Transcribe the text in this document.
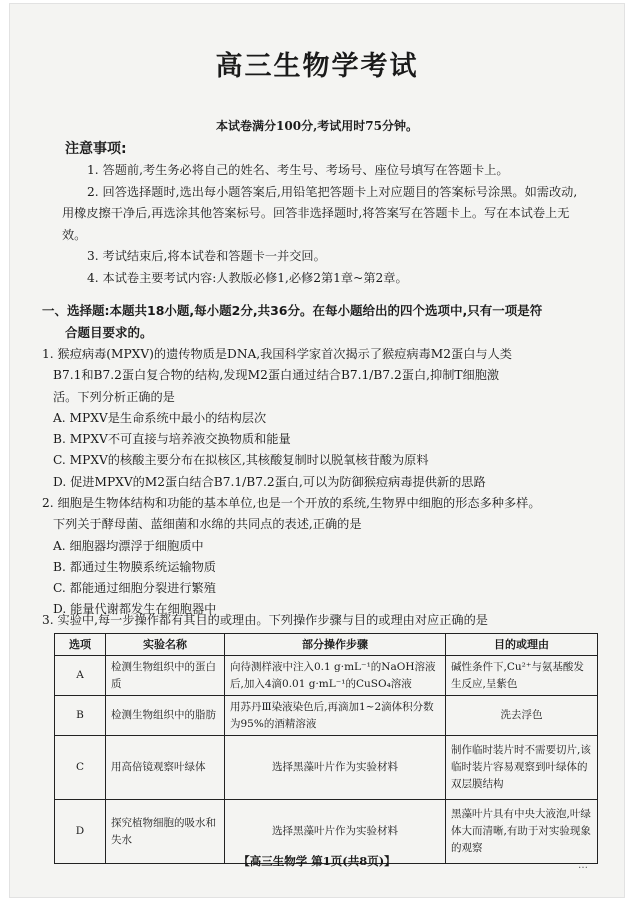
高三生物学考试
本试卷满分100分,考试用时75分钟。
注意事项:

1. 答题前,考生务必将自己的姓名、考生号、考场号、座位号填写在答题卡上。

2. 回答选择题时,选出每小题答案后,用铅笔把答题卡上对应题目的答案标号涂黑。如需改动,用橡皮擦干净后,再选涂其他答案标号。回答非选择题时,将答案写在答题卡上。写在本试卷上无效。

3. 考试结束后,将本试卷和答题卡一并交回。

4. 本试卷主要考试内容:人教版必修1,必修2第1章~第2章。

一、选择题:本题共18小题,每小题2分,共36分。在每小题给出的四个选项中,只有一项是符
合题目要求的。
1. 猴痘病毒(MPXV)的遗传物质是DNA,我国科学家首次揭示了猴痘病毒M2蛋白与人类
B7.1和B7.2蛋白复合物的结构,发现M2蛋白通过结合B7.1/B7.2蛋白,抑制T细胞激
活。下列分析正确的是
A. MPXV是生命系统中最小的结构层次
B. MPXV不可直接与培养液交换物质和能量
C. MPXV的核酸主要分布在拟核区,其核酸复制时以脱氧核苷酸为原料
D. 促进MPXV的M2蛋白结合B7.1/B7.2蛋白,可以为防御猴痘病毒提供新的思路
2. 细胞是生物体结构和功能的基本单位,也是一个开放的系统,生物界中细胞的形态多种多样。
下列关于酵母菌、蓝细菌和水绵的共同点的表述,正确的是
A. 细胞器均漂浮于细胞质中
B. 都通过生物膜系统运输物质
C. 都能通过细胞分裂进行繁殖
D. 能量代谢都发生在细胞器中
3. 实验中,每一步操作都有其目的或理由。下列操作步骤与目的或理由对应正确的是
选项	实验名称	部分操作步骤	目的或理由
A	检测生物组织中的蛋白质	向待测样液中注入0.1 g·mL⁻¹的NaOH溶液后,加入4滴0.01 g·mL⁻¹的CuSO₄溶液	碱性条件下,Cu²⁺与氨基酸发生反应,呈紫色
B	检测生物组织中的脂肪	用苏丹Ⅲ染液染色后,再滴加1~2滴体积分数为95%的酒精溶液	洗去浮色
C	用高倍镜观察叶绿体	选择黑藻叶片作为实验材料	制作临时装片时不需要切片,该临时装片容易观察到叶绿体的双层膜结构
D	探究植物细胞的吸水和失水	选择黑藻叶片作为实验材料	黑藻叶片具有中央大液泡,叶绿体大而清晰,有助于对实验现象的观察
【高三生物学 第1页(共8页)】	…
